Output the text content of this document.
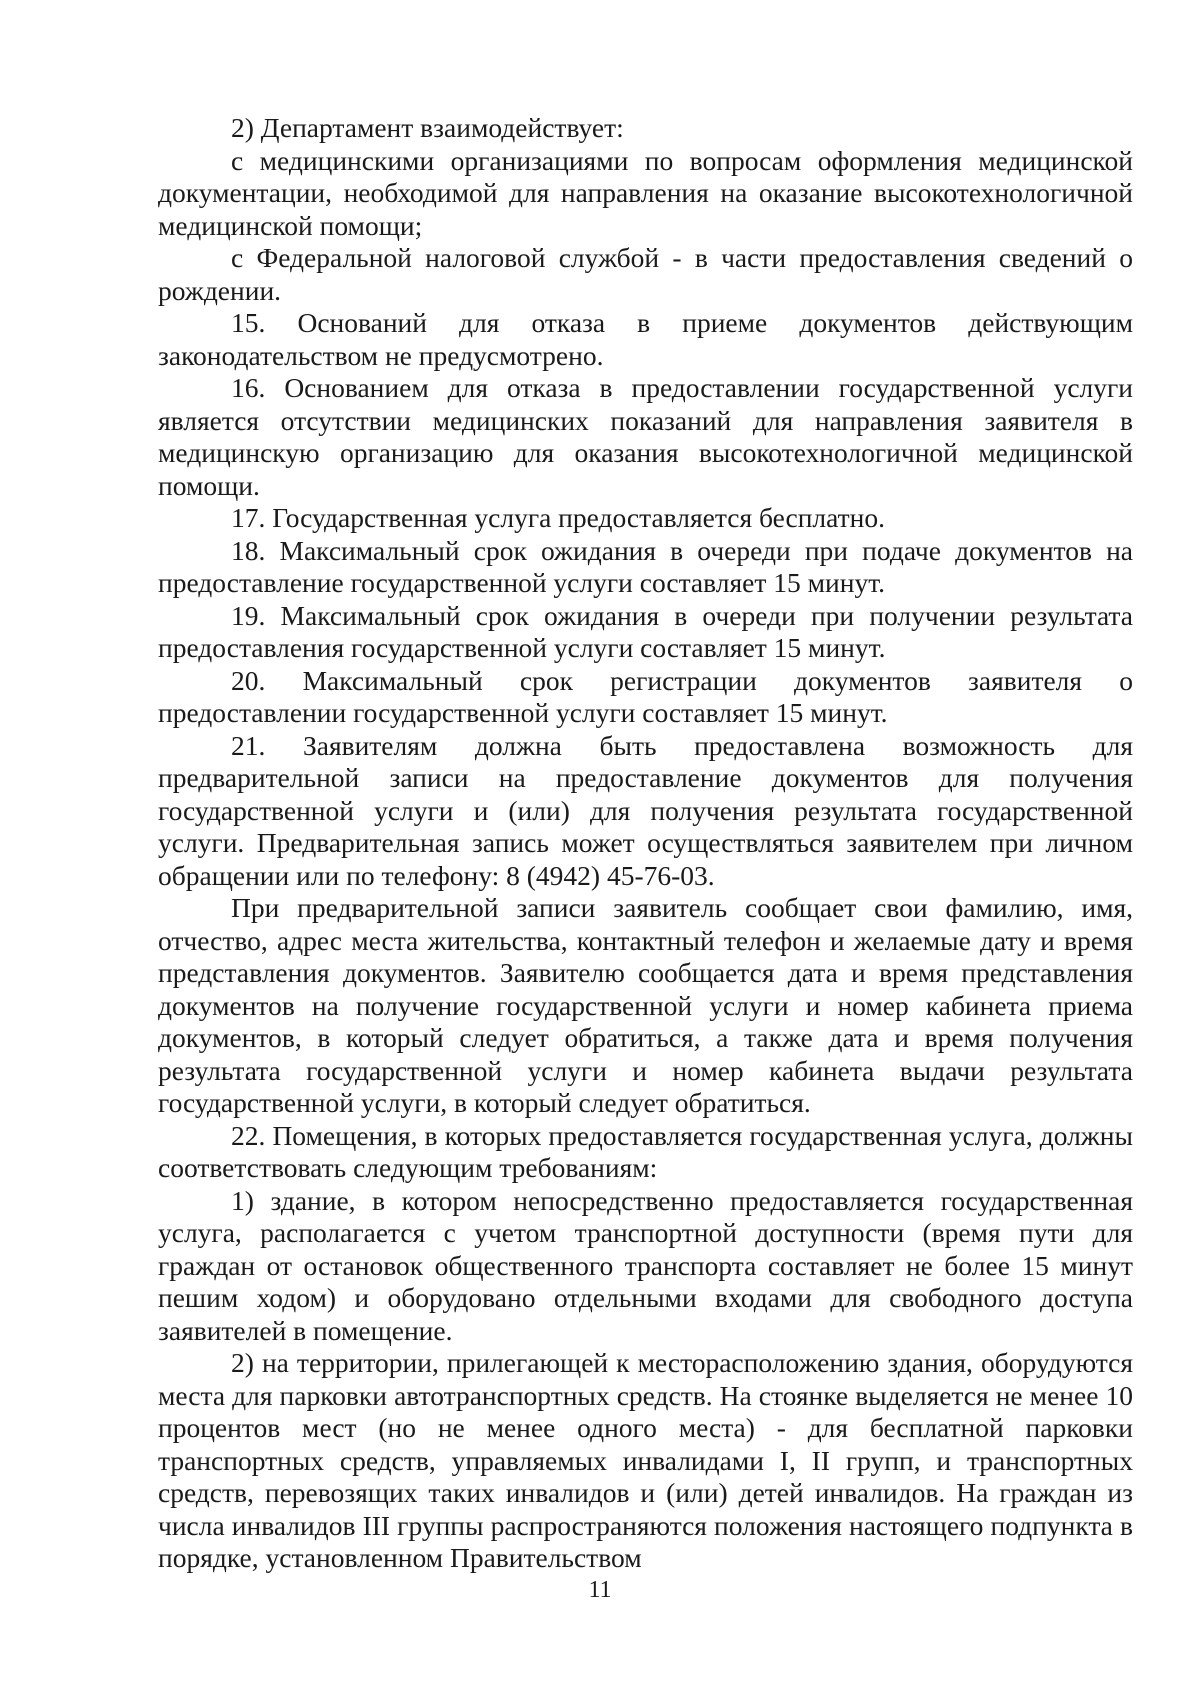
2) Департамент взаимодействует:

с медицинскими организациями по вопросам оформления медицинской документации, необходимой для направления на оказание высокотехнологичной медицинской помощи;

с Федеральной налоговой службой - в части предоставления сведений о рождении.

15. Оснований для отказа в приеме документов действующим законодательством не предусмотрено.

16. Основанием для отказа в предоставлении государственной услуги является отсутствии медицинских показаний для направления заявителя в медицинскую организацию для оказания высокотехнологичной медицинской помощи.

17. Государственная услуга предоставляется бесплатно.

18. Максимальный срок ожидания в очереди при подаче документов на предоставление государственной услуги составляет 15 минут.

19. Максимальный срок ожидания в очереди при получении результата предоставления государственной услуги составляет 15 минут.

20. Максимальный срок регистрации документов заявителя о предоставлении государственной услуги составляет 15 минут.

21. Заявителям должна быть предоставлена возможность для предварительной записи на предоставление документов для получения государственной услуги и (или) для получения результата государственной услуги. Предварительная запись может осуществляться заявителем при личном обращении или по телефону: 8 (4942) 45-76-03.

При предварительной записи заявитель сообщает свои фамилию, имя, отчество, адрес места жительства, контактный телефон и желаемые дату и время представления документов. Заявителю сообщается дата и время представления документов на получение государственной услуги и номер кабинета приема документов, в который следует обратиться, а также дата и время получения результата государственной услуги и номер кабинета выдачи результата государственной услуги, в который следует обратиться.

22. Помещения, в которых предоставляется государственная услуга, должны соответствовать следующим требованиям:

1) здание, в котором непосредственно предоставляется государственная услуга, располагается с учетом транспортной доступности (время пути для граждан от остановок общественного транспорта составляет не более 15 минут пешим ходом) и оборудовано отдельными входами для свободного доступа заявителей в помещение.

2) на территории, прилегающей к месторасположению здания, оборудуются места для парковки автотранспортных средств. На стоянке выделяется не менее 10 процентов мест (но не менее одного места) - для бесплатной парковки транспортных средств, управляемых инвалидами I, II групп, и транспортных средств, перевозящих таких инвалидов и (или) детей инвалидов. На граждан из числа инвалидов III группы распространяются положения настоящего подпункта в порядке, установленном Правительством

11
